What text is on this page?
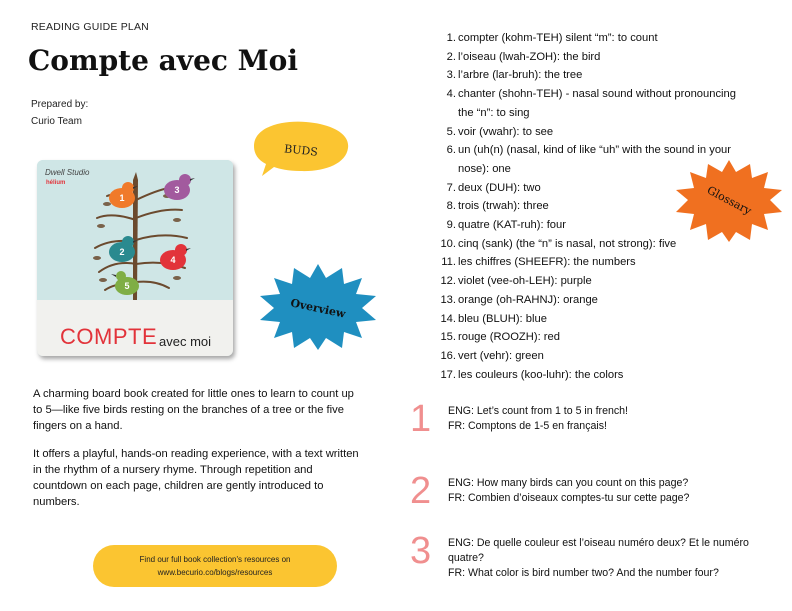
READING GUIDE PLAN
Compte avec Moi
Prepared by:
Curio Team
1
2
3
4
5
Dwell Studio
hélium
COMPTE avec moi
BUDS
Overview
Glossary

A charming board book created for little ones to learn to count up to 5—like five birds resting on the branches of a tree or the five fingers on a hand.

It offers a playful, hands-on reading experience, with a text written in the rhythm of a nursery rhyme. Through repetition and countdown on each page, children are gently introduced to numbers.

Find our full book collection's resources on
www.becurio.co/blogs/resources
1. compter (kohm-TEH) silent “m”: to count
2. l’oiseau (lwah-ZOH): the bird
3. l’arbre (lar-bruh): the tree
4. chanter (shohn-TEH) - nasal sound without pronouncing the “n”: to sing
5. voir (vwahr): to see
6. un (uh(n) (nasal, kind of like “uh” with the sound in your nose): one
7. deux (DUH): two
8. trois (trwah): three
9. quatre (KAT-ruh): four
10. cinq (sank) (the “n” is nasal, not strong): five
11. les chiffres (SHEEFR): the numbers
12. violet (vee-oh-LEH): purple
13. orange (oh-RAHNJ): orange
14. bleu (BLUH): blue
15. rouge (ROOZH): red
16. vert (vehr): green
17. les couleurs (koo-luhr): the colors
1 ENG: Let’s count from 1 to 5 in french!
FR: Comptons de 1-5 en français!
2 ENG: How many birds can you count on this page?
FR: Combien d’oiseaux comptes-tu sur cette page?
3 ENG: De quelle couleur est l’oiseau numéro deux? Et le numéro quatre?
FR: What color is bird number two? And the number four?
